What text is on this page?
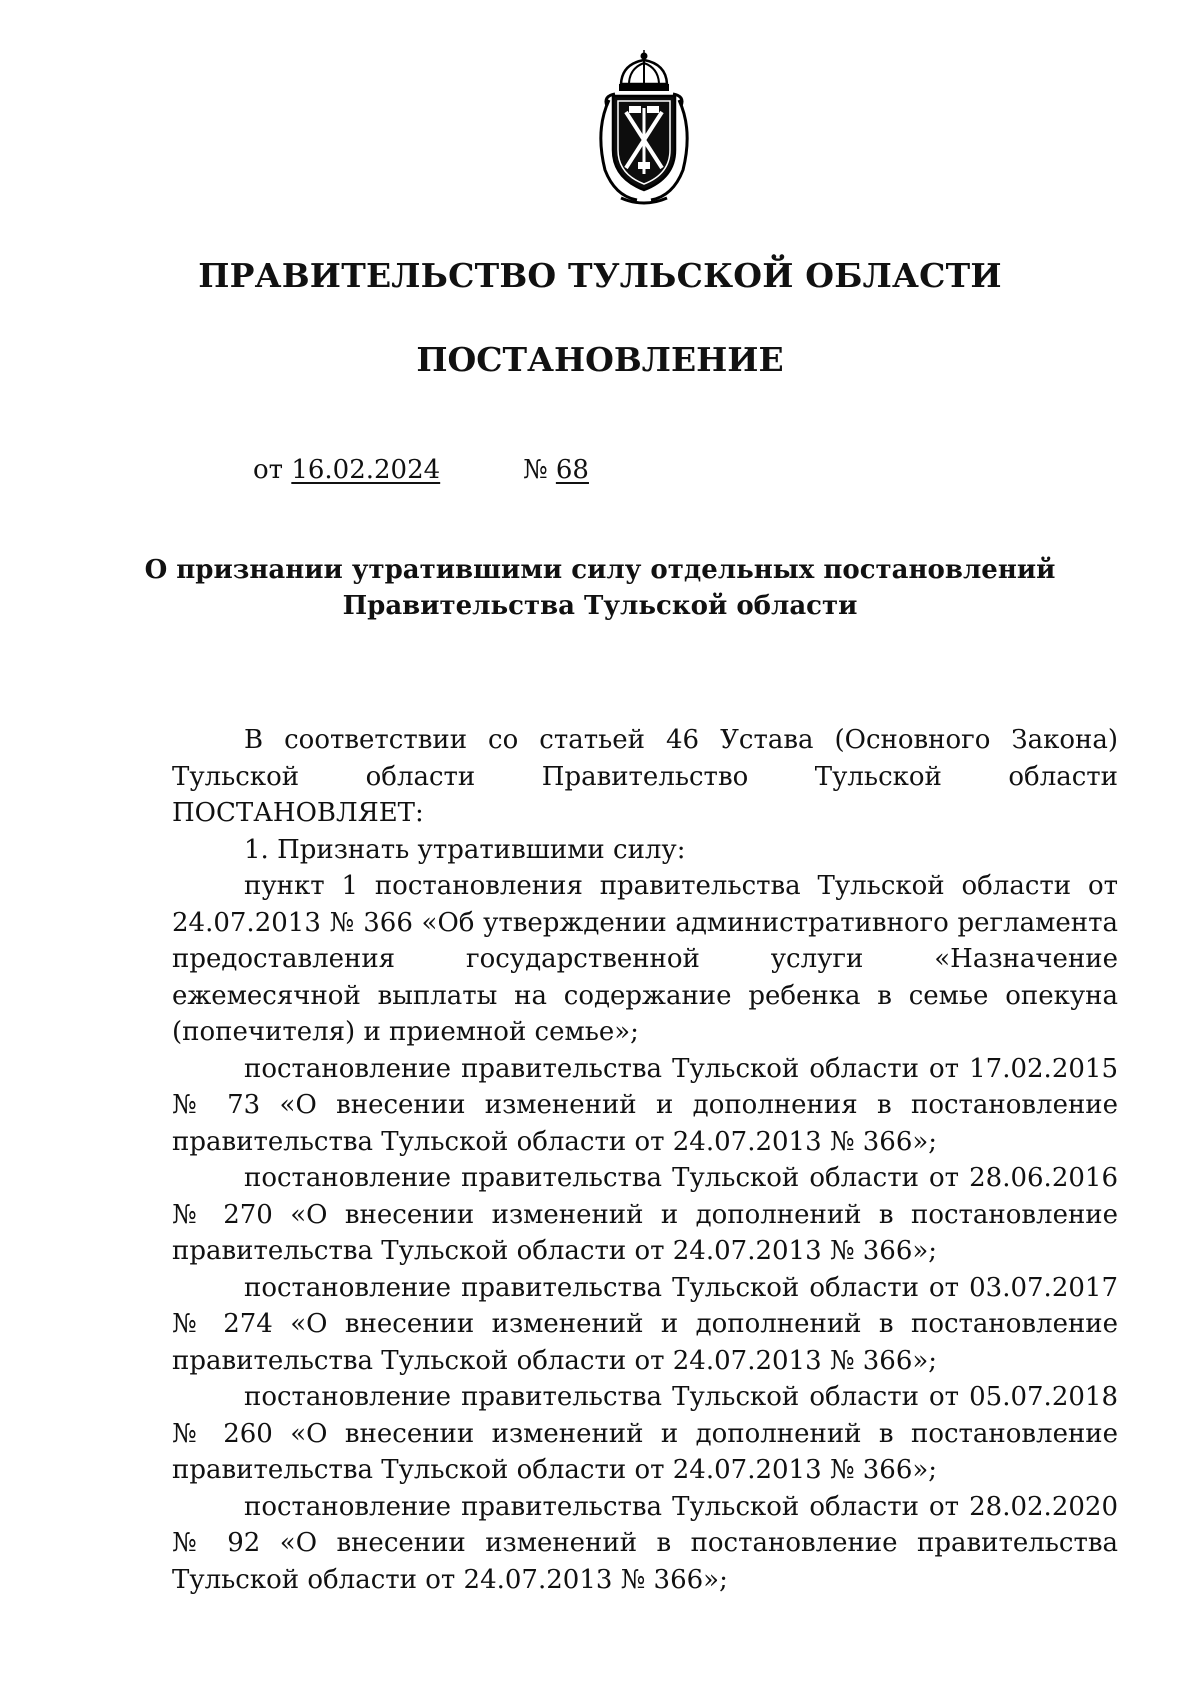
ПРАВИТЕЛЬСТВО ТУЛЬСКОЙ ОБЛАСТИ
ПОСТАНОВЛЕНИЕ
от 16.02.2024	№ 68
О признании утратившими силу отдельных постановлений
Правительства Тульской области

В соответствии со статьей 46 Устава (Основного Закона) Тульской области Правительство Тульской области ПОСТАНОВЛЯЕТ:

1. Признать утратившими силу:

пункт 1 постановления правительства Тульской области от 24.07.2013 № 366 «Об утверждении административного регламента предоставления государственной услуги «Назначение ежемесячной выплаты на содержание ребенка в семье опекуна (попечителя) и приемной семье»;

постановление правительства Тульской области от 17.02.2015 № 73 «О внесении изменений и дополнения в постановление правительства Тульской области от 24.07.2013 № 366»;

постановление правительства Тульской области от 28.06.2016 № 270 «О внесении изменений и дополнений в постановление правительства Тульской области от 24.07.2013 № 366»;

постановление правительства Тульской области от 03.07.2017 № 274 «О внесении изменений и дополнений в постановление правительства Тульской области от 24.07.2013 № 366»;

постановление правительства Тульской области от 05.07.2018 № 260 «О внесении изменений и дополнений в постановление правительства Тульской области от 24.07.2013 № 366»;

постановление правительства Тульской области от 28.02.2020 № 92 «О внесении изменений в постановление правительства Тульской области от 24.07.2013 № 366»;
